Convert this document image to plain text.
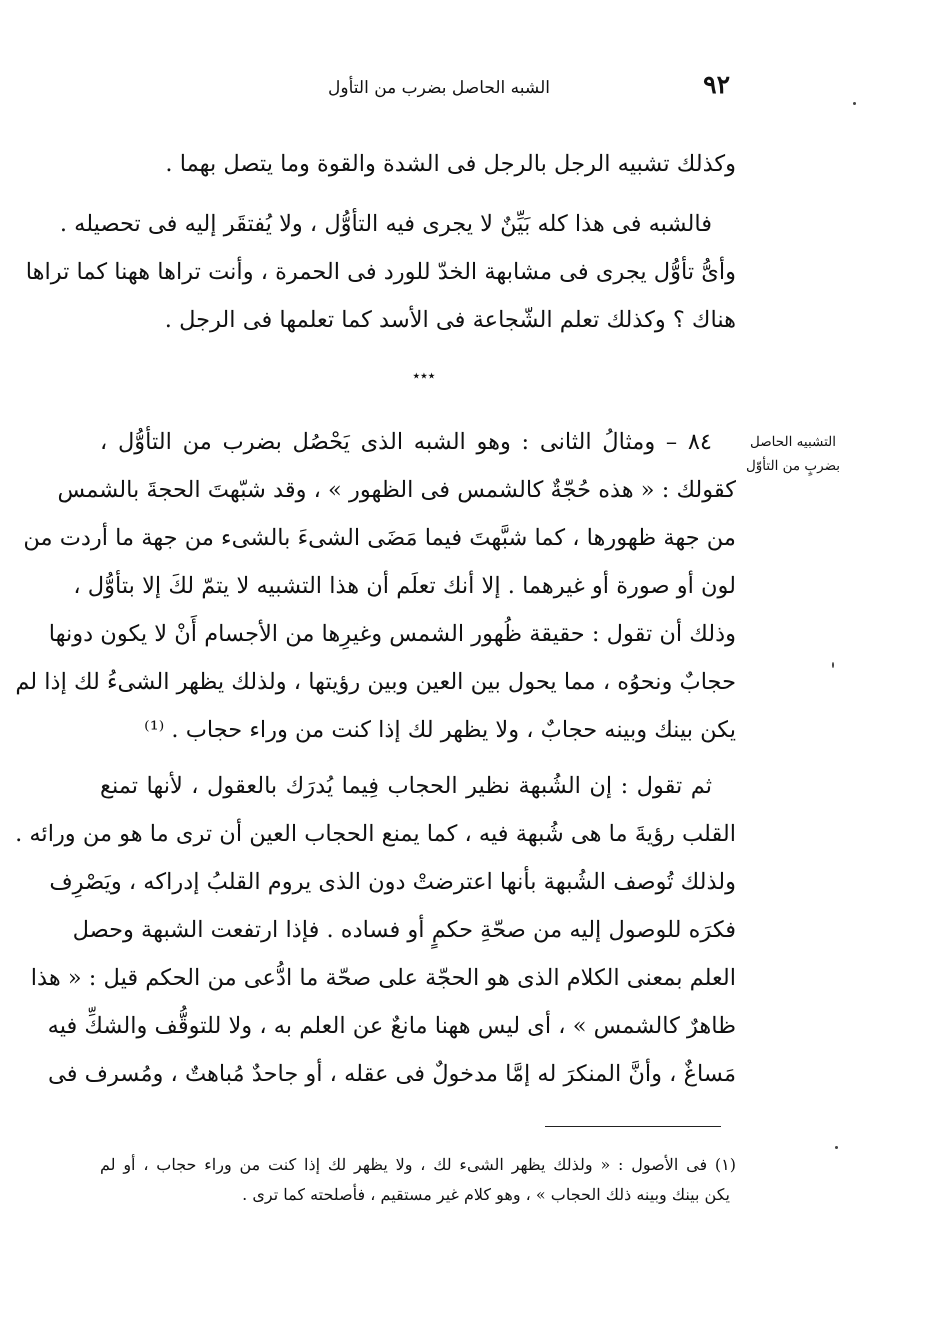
٩٢
الشبه الحاصل بضرب من التأول
وكذلك تشبيه الرجل بالرجل فى الشدة والقوة وما يتصل بهما .
فالشبه فى هذا كله بَيِّنٌ لا يجرى فيه التأوُّل ، ولا يُفتقَر إليه فى تحصيله .
وأىُّ تأوُّل يجرى فى مشابهة الخدّ للورد فى الحمرة ، وأنت تراها ههنا كما تراها
هناك ؟ وكذلك تعلم الشّجاعة فى الأسد كما تعلمها فى الرجل .
٭٭٭
التشبيه الحاصل
بضربٍ من التأوّل
٨٤ – ومثالُ الثانى : وهو الشبه الذى يَحْصُل بضرب من التأوُّل ،
كقولك : « هذه حُجّةٌ كالشمس فى الظهور » ، وقد شبّهتَ الحجةَ بالشمس
من جهة ظهورها ، كما شبَّهتَ فيما مَضَى الشىءَ بالشىء من جهة ما أردت من
لون أو صورة أو غيرهما . إلا أنك تعلَم أن هذا التشبيه لا يتمّ لكَ إلا بتأوُّل ،
وذلك أن تقول : حقيقة ظُهور الشمس وغيرِها من الأجسام أَنْ لا يكون دونها
حجابٌ ونحوُه ، مما يحول بين العين وبين رؤيتها ، ولذلك يظهر الشىءُ لك إذا لم
يكن بينك وبينه حجابٌ ، ولا يظهر لك إذا كنت من وراء حجاب . ⁽¹⁾
ثم تقول : إن الشُبهة نظير الحجاب فِيما يُدرَك بالعقول ، لأنها تمنع
القلب رؤيةَ ما هى شُبهة فيه ، كما يمنع الحجاب العين أن ترى ما هو من ورائه .
ولذلك تُوصف الشُبهة بأنها اعترضتْ دون الذى يروم القلبُ إدراكه ، ويَصْرِف
فكرَه للوصول إليه من صحّةِ حكمٍ أو فساده . فإذا ارتفعت الشبهة وحصل
العلم بمعنى الكلام الذى هو الحجّة على صحّة ما ادُّعى من الحكم قيل : « هذا
ظاهرٌ كالشمس » ، أى ليس ههنا مانعٌ عن العلم به ، ولا للتوقُّف والشكِّ فيه
مَساغٌ ، وأنَّ المنكرَ له إمَّا مدخولٌ فى عقله ، أو جاحدٌ مُباهتٌ ، ومُسرف فى
(١) فى الأصول : « ولذلك يظهر الشىء لك ، ولا يظهر لك إذا كنت من وراء حجاب ، أو لم
يكن بينك وبينه ذلك الحجاب » ، وهو كلام غير مستقيم ، فأصلحته كما ترى .
